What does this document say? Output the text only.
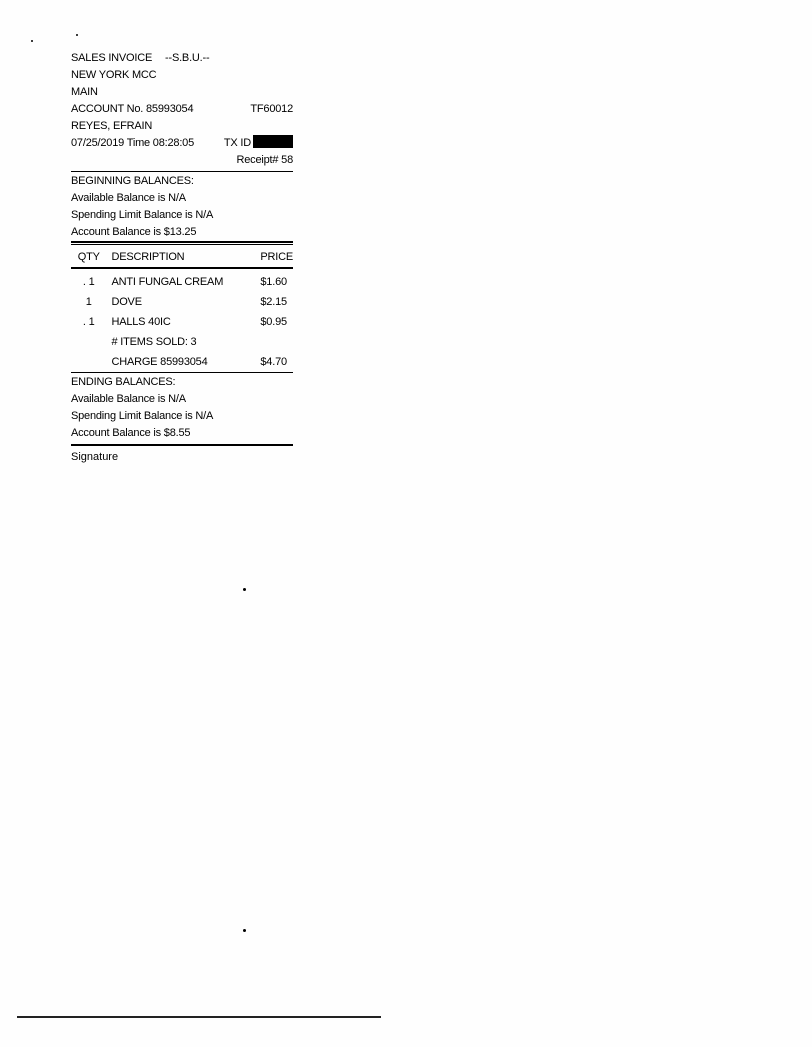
SALES INVOICE --S.B.U.--
NEW YORK MCC
MAIN
ACCOUNT No. 85993054	TF60012
REYES, EFRAIN
07/25/2019 Time 08:28:05	TX ID
Receipt# 58
BEGINNING BALANCES:
Available Balance is N/A
Spending Limit Balance is N/A
Account Balance is $13.25
QTY	DESCRIPTION	PRICE

. 1	ANTI FUNGAL CREAM	$1.60
1	DOVE	$2.15
. 1	HALLS 40IC	$0.95
	# ITEMS SOLD: 3	
	CHARGE 85993054	$4.70
ENDING BALANCES:
Available Balance is N/A
Spending Limit Balance is N/A
Account Balance is $8.55
Signature
